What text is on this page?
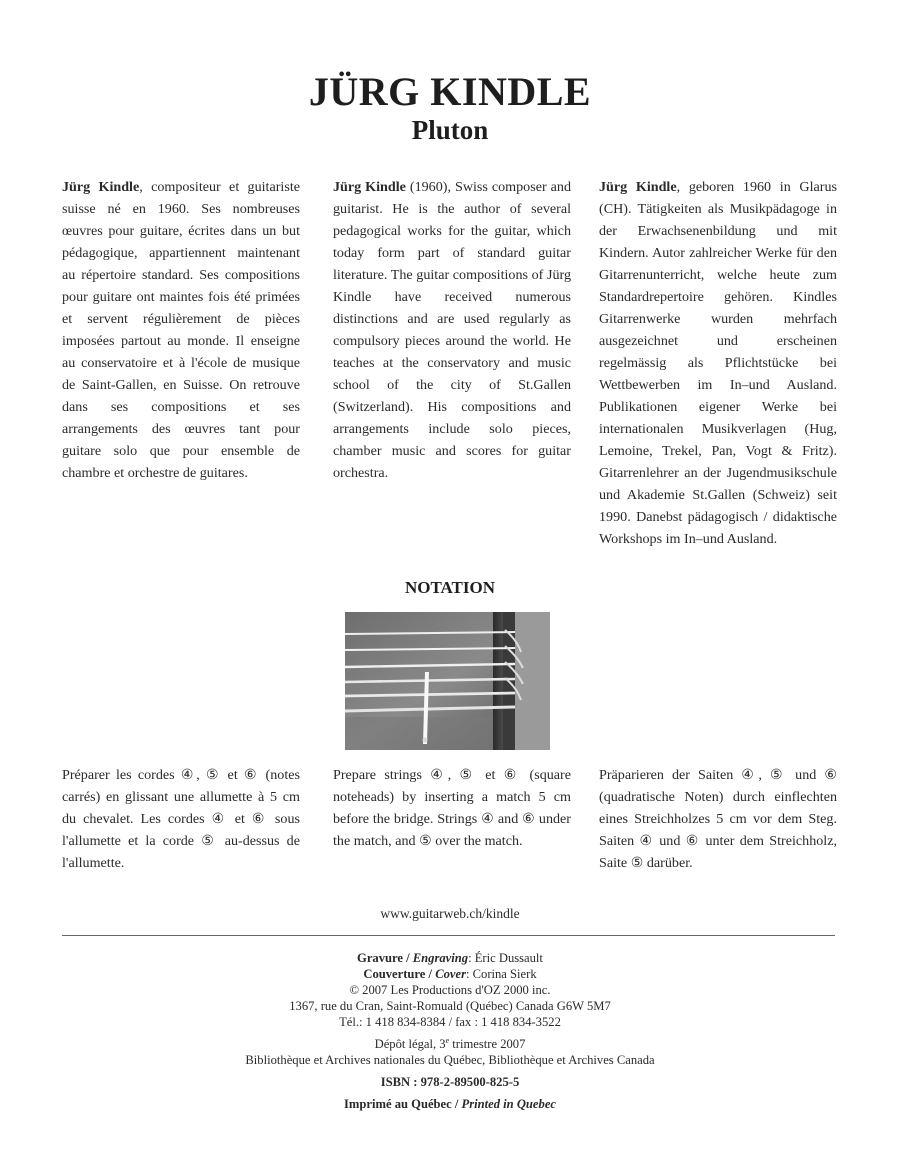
JÜRG KINDLE
Pluton
Jürg Kindle, compositeur et guitariste suisse né en 1960. Ses nombreuses œuvres pour guitare, écrites dans un but pédagogique, appartiennent maintenant au répertoire standard. Ses compositions pour guitare ont maintes fois été primées et servent régulièrement de pièces imposées partout au monde. Il enseigne au conservatoire et à l'école de musique de Saint-Gallen, en Suisse. On retrouve dans ses compositions et ses arrangements des œuvres tant pour guitare solo que pour ensemble de chambre et orchestre de guitares.
Jürg Kindle (1960), Swiss composer and guitarist. He is the author of several pedagogical works for the guitar, which today form part of standard guitar literature. The guitar compositions of Jürg Kindle have received numerous distinctions and are used regularly as compulsory pieces around the world. He teaches at the conservatory and music school of the city of St.Gallen (Switzerland). His compositions and arrangements include solo pieces, chamber music and scores for guitar orchestra.
Jürg Kindle, geboren 1960 in Glarus (CH). Tätigkeiten als Musikpädagoge in der Erwachsenenbildung und mit Kindern. Autor zahlreicher Werke für den Gitarrenunterricht, welche heute zum Standardrepertoire gehören. Kindles Gitarrenwerke wurden mehrfach ausgezeichnet und erscheinen regelmässig als Pflichtstücke bei Wettbewerben im In–und Ausland. Publikationen eigener Werke bei internationalen Musikverlagen (Hug, Lemoine, Trekel, Pan, Vogt & Fritz). Gitarrenlehrer an der Jugendmusikschule und Akademie St.Gallen (Schweiz) seit 1990. Danebst pädagogisch / didaktische Workshops im In–und Ausland.
NOTATION
Préparer les cordes ④, ⑤ et ⑥ (notes carrés) en glissant une allumette à 5 cm du chevalet. Les cordes ④ et ⑥ sous l'allumette et la corde ⑤ au-dessus de l'allumette.
Prepare strings ④, ⑤ et ⑥ (square noteheads) by inserting a match 5 cm before the bridge. Strings ④ and ⑥ under the match, and ⑤ over the match.
Präparieren der Saiten ④, ⑤ und ⑥ (quadratische Noten) durch einflechten eines Streichholzes 5 cm vor dem Steg. Saiten ④ und ⑥ unter dem Streichholz, Saite ⑤ darüber.
www.guitarweb.ch/kindle
Gravure / Engraving: Éric Dussault
Couverture / Cover: Corina Sierk
© 2007 Les Productions d'OZ 2000 inc.
1367, rue du Cran, Saint-Romuald (Québec) Canada G6W 5M7
Tél.: 1 418 834-8384 / fax : 1 418 834-3522
Dépôt légal, 3e trimestre 2007
Bibliothèque et Archives nationales du Québec, Bibliothèque et Archives Canada
ISBN : 978-2-89500-825-5
Imprimé au Québec / Printed in Quebec
